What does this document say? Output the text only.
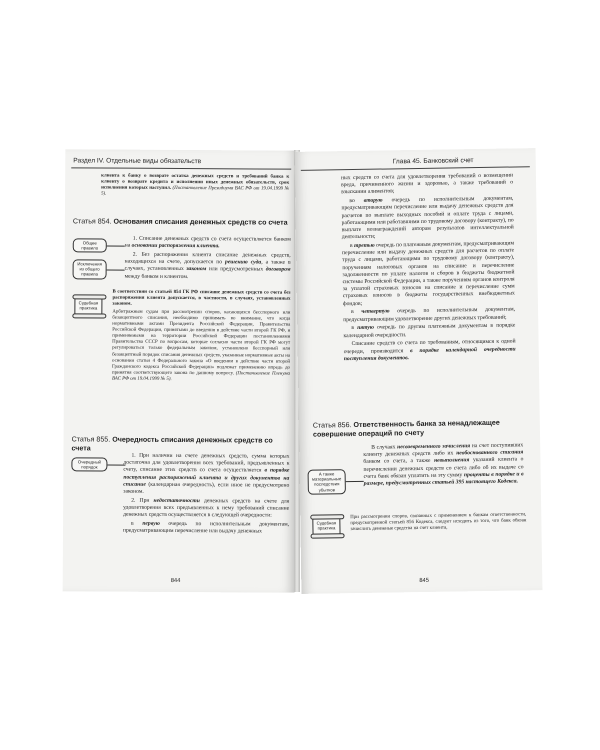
Раздел IV. Отдельные виды обязательств

клиента к банку о возврате остатка денежных средств и требований банка к клиенту о возврате кредита и исполнении иных денежных обязательств, срок исполнения которых наступил. (Постановление Президиума ВАС РФ от 19.04.1999 № 5).

Статья 854. Основания списания денежных средств со счета
Общее правило
Исключения из общего правила

1. Списание денежных средств со счета осуществляется банком на основании распоряжения клиента.

2. Без распоряжения клиента списание денежных средств, находящихся на счете, допускается по решению суда, а также в случаях, установленных законом или предусмотренных договором между банком и клиентом.

Судебная практика

В соответствии со статьей 854 ГК РФ списание денежных средств со счета без распоряжения клиента допускается, в частности, в случаях, установленных законом.

Арбитражным судам при рассмотрении споров, касающихся бесспорного или безакцептного списания, необходимо принимать во внимание, что когда нормативными актами Президента Российской Федерации, Правительства Российской Федерации, принятыми до введения в действие части второй ГК РФ, и применяемыми на территории Российской Федерации постановлениями Правительства СССР по вопросам, которые согласно части второй ГК РФ могут регулироваться только федеральным законом, установлено бесспорный или безакцептный порядок списания денежных средств, указанные нормативные акты на основании статьи 4 Федерального закона «О введении в действие части второй Гражданского кодекса Российской Федерации» подлежат применению впредь до принятия соответствующего закона по данному вопросу. (Постановление Пленума ВАС РФ от 19.04.1999 № 5).

Статья 855. Очередность списания денежных средств со счета
Очередный порядок

1. При наличии на счете денежных средств, сумма которых достаточна для удовлетворения всех требований, предъявленных к счету, списание этих средств со счета осуществляется в порядке поступления распоряжений клиента и других документов на списание (календарная очередность), если иное не предусмотрено законом.

2. При недостаточности денежных средств на счете для удовлетворения всех предъявленных к нему требований списание денежных средств осуществляется в следующей очередности:

в первую очередь по исполнительным документам, предусматривающим перечисление или выдачу денежных

844
Глава 45. Банковский счет

ных средств со счета для удовлетворения требований о возмещении вреда, причиненного жизни и здоровью, а также требований о взыскании алиментов;

во вторую очередь по исполнительным документам, предусматривающим перечисление или выдачу денежных средств для расчетов по выплате выходных пособий и оплате труда с лицами, работающими или работавшими по трудовому договору (контракту), по выплате вознаграждений авторам результатов интеллектуальной деятельности;

в третью очередь по платежным документам, предусматривающим перечисление или выдачу денежных средств для расчетов по оплате труда с лицами, работающими по трудовому договору (контракту), поручениям налоговых органов на списание и перечисление задолженности по уплате налогов и сборов в бюджеты бюджетной системы Российской Федерации, а также поручениям органов контроля за уплатой страховых взносов на списание и перечисление сумм страховых взносов в бюджеты государственных внебюджетных фондов;

в четвертую очередь по исполнительным документам, предусматривающим удовлетворение других денежных требований;

в пятую очередь по другим платежным документам в порядке календарной очередности.

Списание средств со счета по требованиям, относящимся к одной очереди, производится в порядке календарной очередности поступления документов.

Статья 856. Ответственность банка за ненадлежащее совершение операций по счету
А также материальные последствия убытков

В случаях несвоевременного зачисления на счет поступивших клиенту денежных средств либо их необоснованного списания банком со счета, а также невыполнения указаний клиента о перечислении денежных средств со счета либо об их выдаче со счета банк обязан уплатить на эту сумму проценты в порядке и в размере, предусмотренных статьей 395 настоящего Кодекса.

Судебная практика

При рассмотрении споров, связанных с применением к банкам ответственности, предусмотренной статьей 856 Кодекса, следует исходить из того, что банк обязан зачислить денежные средства на счет клиента,

845
